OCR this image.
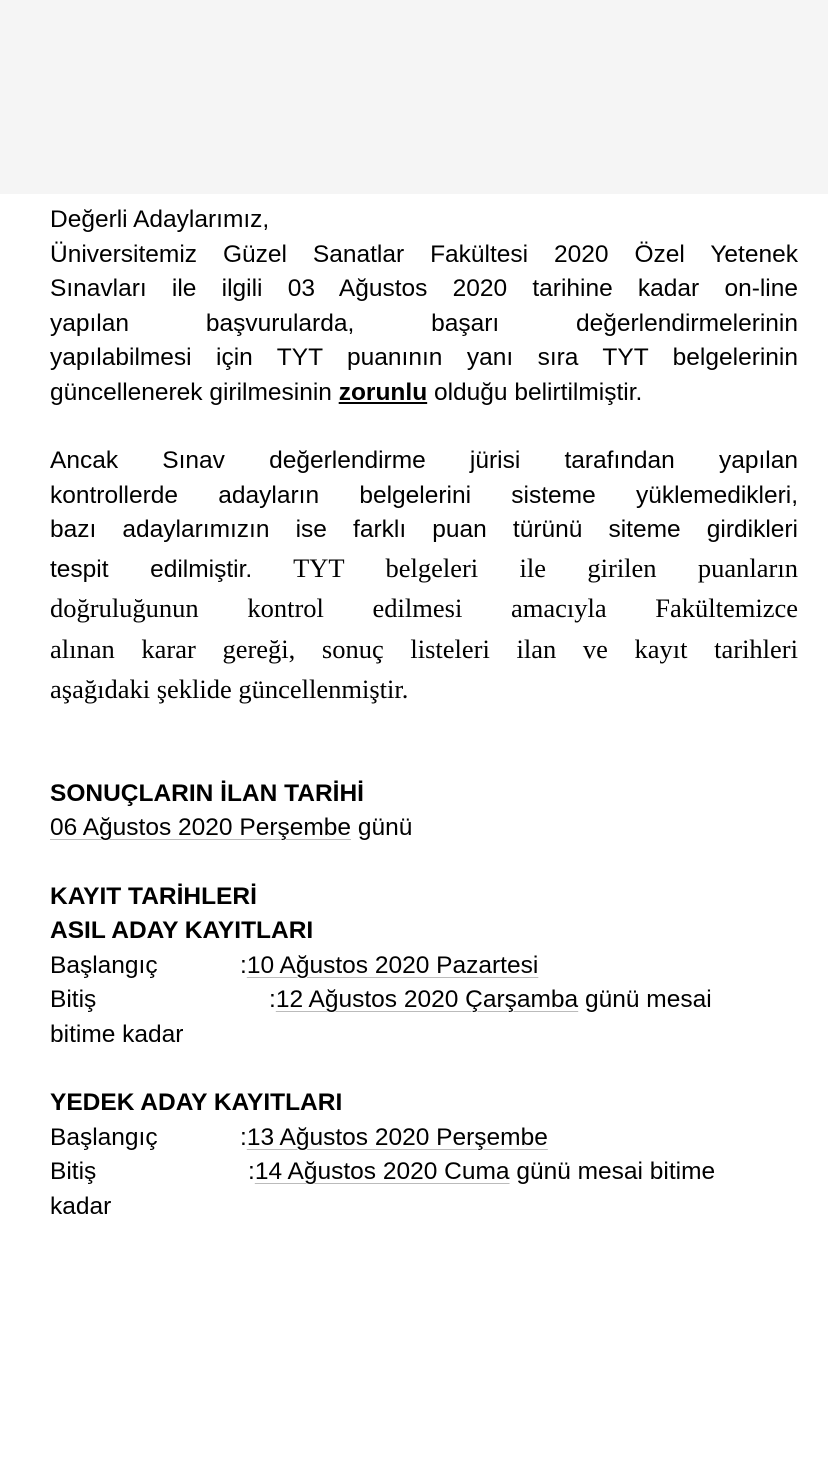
Değerli Adaylarımız,

Üniversitemiz Güzel Sanatlar Fakültesi 2020 Özel Yetenek
Sınavları ile ilgili 03 Ağustos 2020 tarihine kadar on-line
yapılan başvurularda, başarı değerlendirmelerinin
yapılabilmesi için TYT puanının yanı sıra TYT belgelerinin
güncellenerek girilmesinin zorunlu olduğu belirtilmiştir.
Ancak Sınav değerlendirme jürisi tarafından yapılan
kontrollerde adayların belgelerini sisteme yüklemedikleri,
bazı adaylarımızın ise farklı puan türünü siteme girdikleri
tespit edilmiştir. TYT belgeleri ile girilen puanların
doğruluğunun kontrol edilmesi amacıyla Fakültemizce
alınan karar gereği, sonuç listeleri ilan ve kayıt tarihleri
aşağıdaki şeklide güncellenmiştir.

SONUÇLARIN İLAN TARİHİ

06 Ağustos 2020 Perşembe günü

KAYIT TARİHLERİ

ASIL ADAY KAYITLARI

Başlangıç	:10 Ağustos 2020 Pazartesi
Bitiş	:12 Ağustos 2020 Çarşamba günü mesai
bitime kadar

YEDEK ADAY KAYITLARI

Başlangıç	:13 Ağustos 2020 Perşembe
Bitiş	:14 Ağustos 2020 Cuma günü mesai bitime
kadar
